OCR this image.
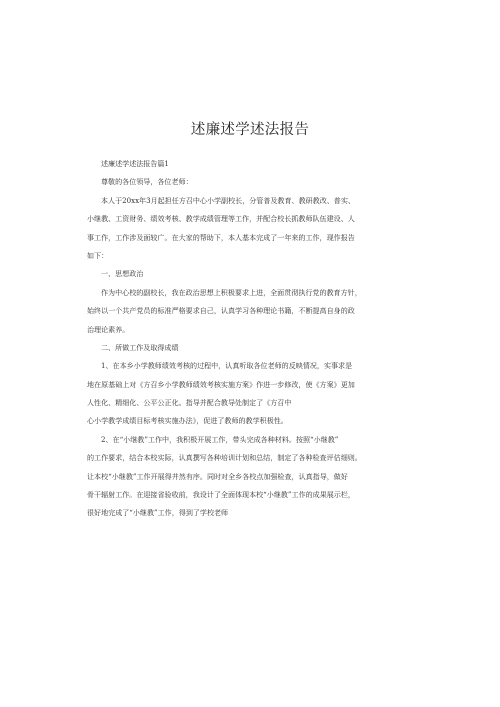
述廉述学述法报告
述廉述学述法报告篇1
尊敬的各位领导，各位老师：
本人于20xx年3月起担任方召中心小学副校长，分管普及教育、教研教改、普实、
小继教、工资财务、绩效考核、教学成绩管理等工作，并配合校长抓教师队伍建设、人
事工作，工作涉及面较广。在大家的帮助下，本人基本完成了一年来的工作，现作报告
如下：
一、思想政治
作为中心校的副校长，我在政治思想上积极要求上进，全面贯彻执行党的教育方针，
始终以一个共产党员的标准严格要求自己，认真学习各种理论书籍，不断提高自身的政
治理论素养。
二、所做工作及取得成绩
1、在本乡小学教师绩效考核的过程中，认真听取各位老师的反映情况，实事求是
地在原基础上对《方召乡小学教师绩效考核实施方案》作进一步修改，使《方案》更加
人性化、精细化、公平公正化。指导并配合教导处制定了《方召中
心小学教学成绩目标考核实施办法》，促进了教师的教学积极性。
2、在“小继教”工作中，我积极开展工作，带头完成各种材料。按照“小继教”
的工作要求，结合本校实际，认真撰写各种培训计划和总结，制定了各种检查评估细则。
让本校“小继教”工作开展得井然有序。同时对全乡各校点加强检查，认真指导，做好
骨干辐射工作。在迎接省验收前，我设计了全面体现本校“小继教”工作的成果展示栏，
很好地完成了“小继教”工作，得到了学校老师
